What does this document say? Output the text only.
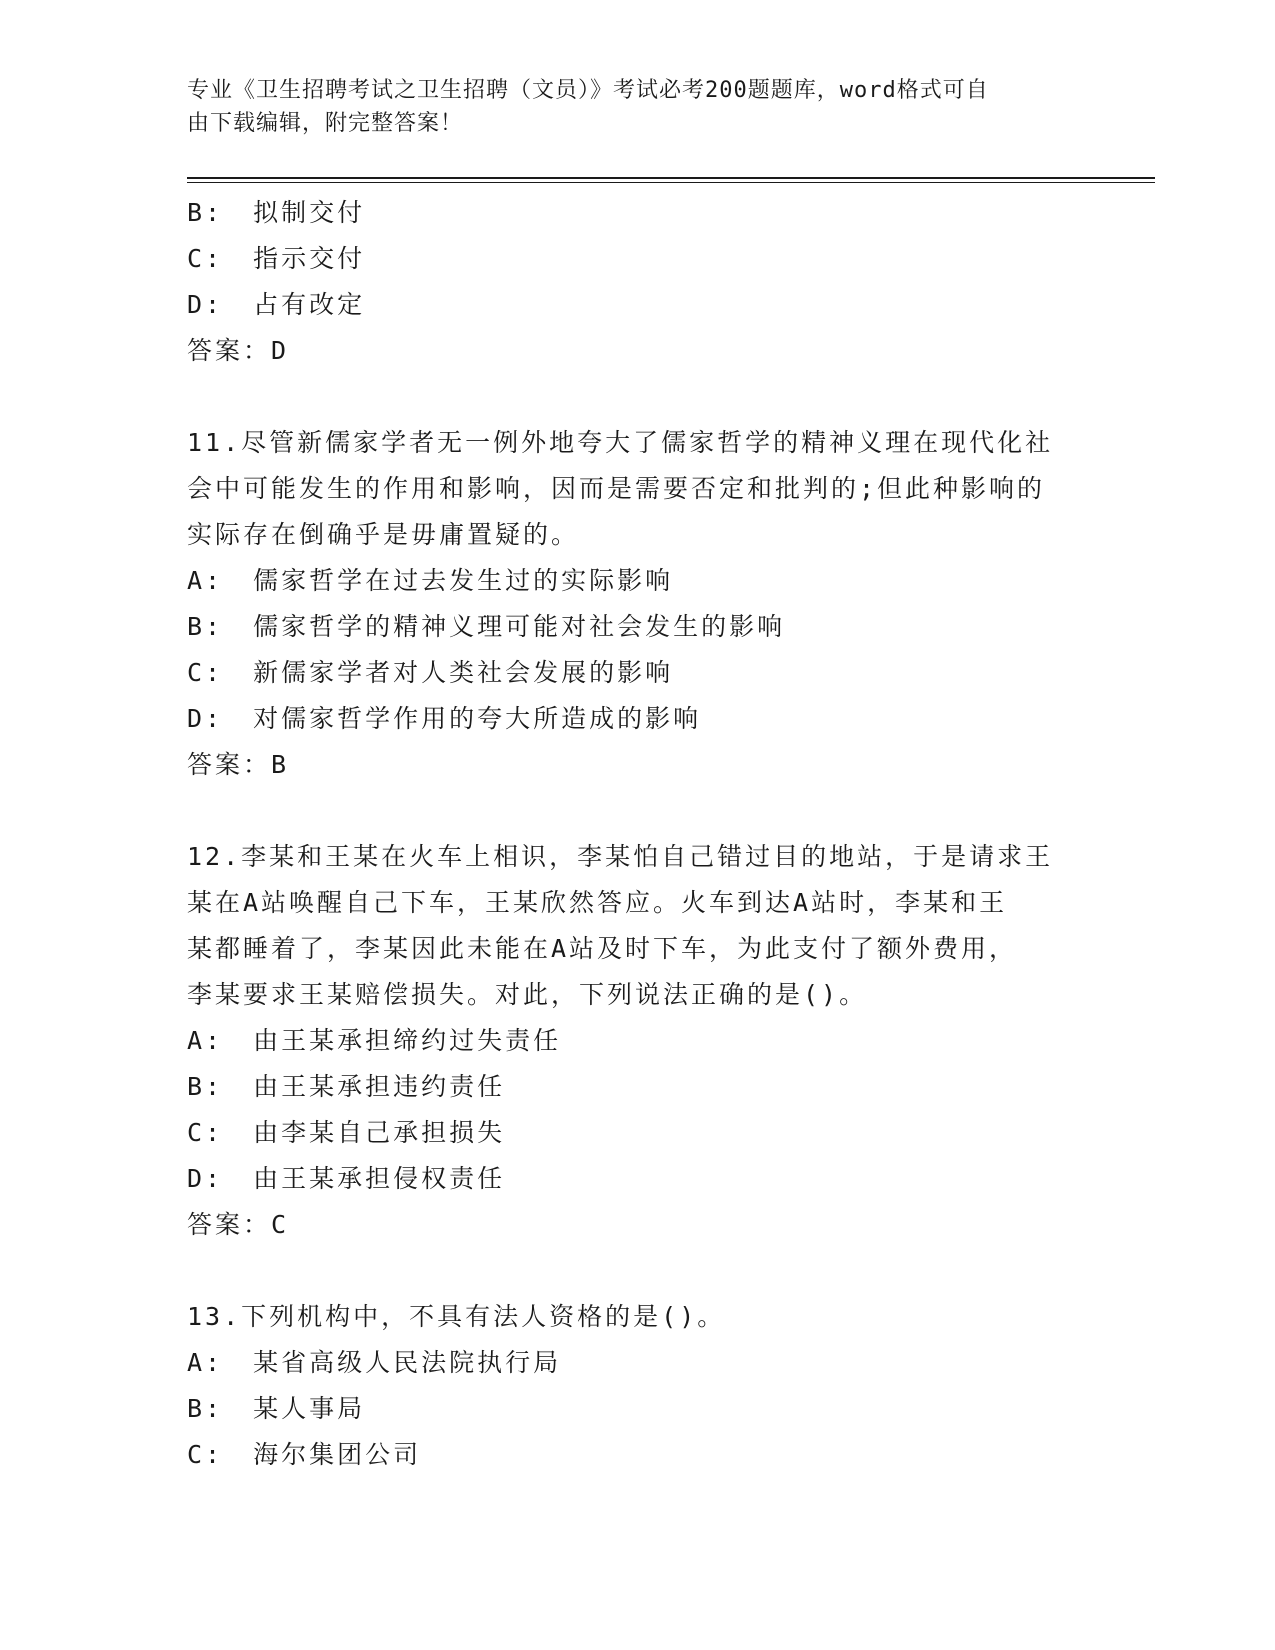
专业《卫生招聘考试之卫生招聘（文员）》考试必考200题题库，word格式可自
由下载编辑，附完整答案！
B: 拟制交付
C: 指示交付
D: 占有改定
答案：D
11.尽管新儒家学者无一例外地夸大了儒家哲学的精神义理在现代化社
会中可能发生的作用和影响，因而是需要否定和批判的;但此种影响的
实际存在倒确乎是毋庸置疑的。
A: 儒家哲学在过去发生过的实际影响
B: 儒家哲学的精神义理可能对社会发生的影响
C: 新儒家学者对人类社会发展的影响
D: 对儒家哲学作用的夸大所造成的影响
答案：B
12.李某和王某在火车上相识，李某怕自己错过目的地站，于是请求王
某在A站唤醒自己下车，王某欣然答应。火车到达A站时，李某和王
某都睡着了，李某因此未能在A站及时下车，为此支付了额外费用，
李某要求王某赔偿损失。对此，下列说法正确的是()。
A: 由王某承担缔约过失责任
B: 由王某承担违约责任
C: 由李某自己承担损失
D: 由王某承担侵权责任
答案：C
13.下列机构中，不具有法人资格的是()。
A: 某省高级人民法院执行局
B: 某人事局
C: 海尔集团公司
